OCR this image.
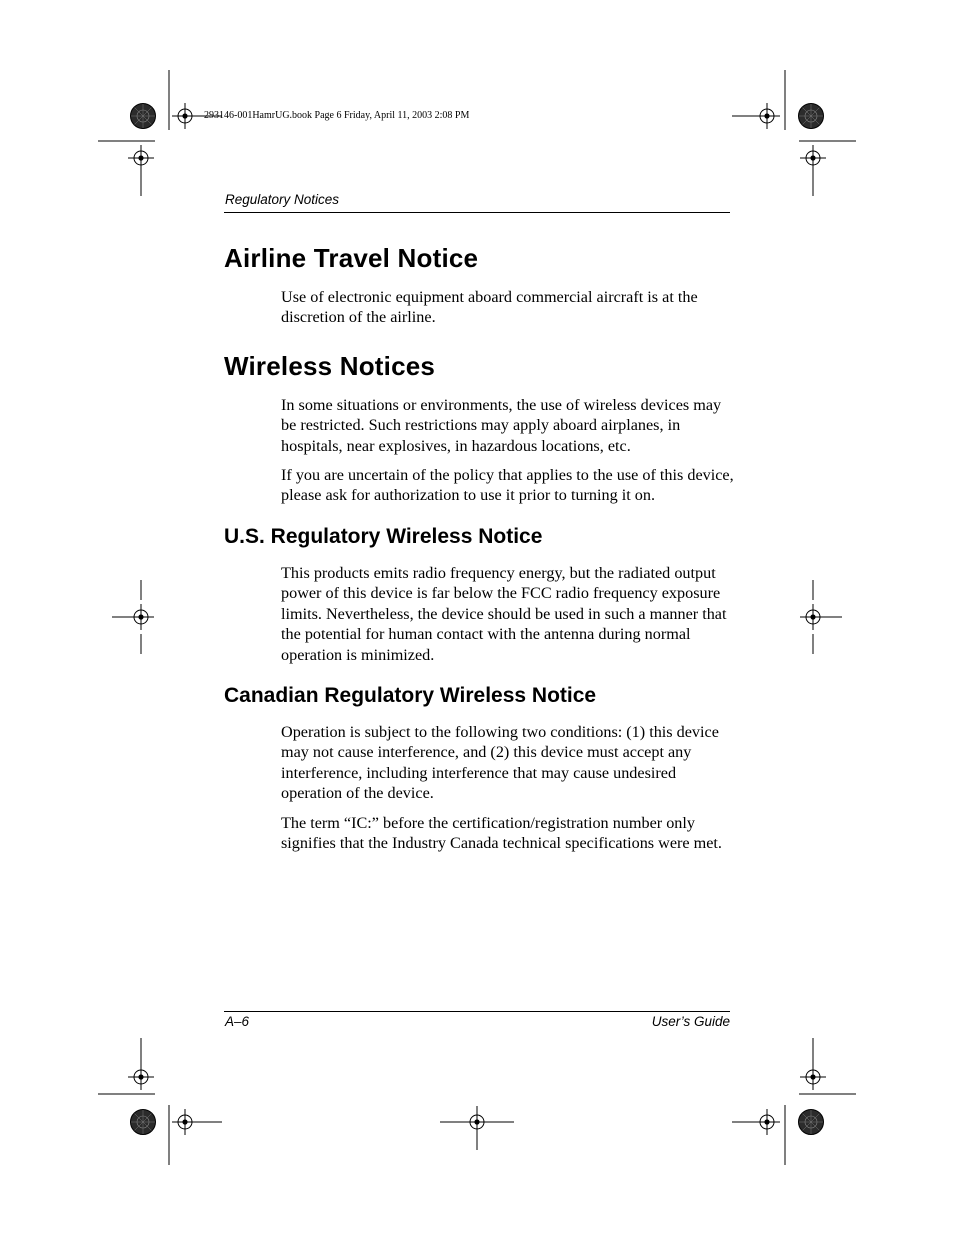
293146-001HamrUG.book Page 6 Friday, April 11, 2003 2:08 PM
Regulatory Notices
Airline Travel Notice

Use of electronic equipment aboard commercial aircraft is at the discretion of the airline.

Wireless Notices

In some situations or environments, the use of wireless devices may be restricted. Such restrictions may apply aboard airplanes, in hospitals, near explosives, in hazardous locations, etc.

If you are uncertain of the policy that applies to the use of this device, please ask for authorization to use it prior to turning it on.

U.S. Regulatory Wireless Notice

This products emits radio frequency energy, but the radiated output power of this device is far below the FCC radio frequency exposure limits. Nevertheless, the device should be used in such a manner that the potential for human contact with the antenna during normal operation is minimized.

Canadian Regulatory Wireless Notice

Operation is subject to the following two conditions: (1) this device may not cause interference, and (2) this device must accept any interference, including interference that may cause undesired operation of the device.

The term “IC:” before the certification/registration number only signifies that the Industry Canada technical specifications were met.

A–6	User’s Guide
